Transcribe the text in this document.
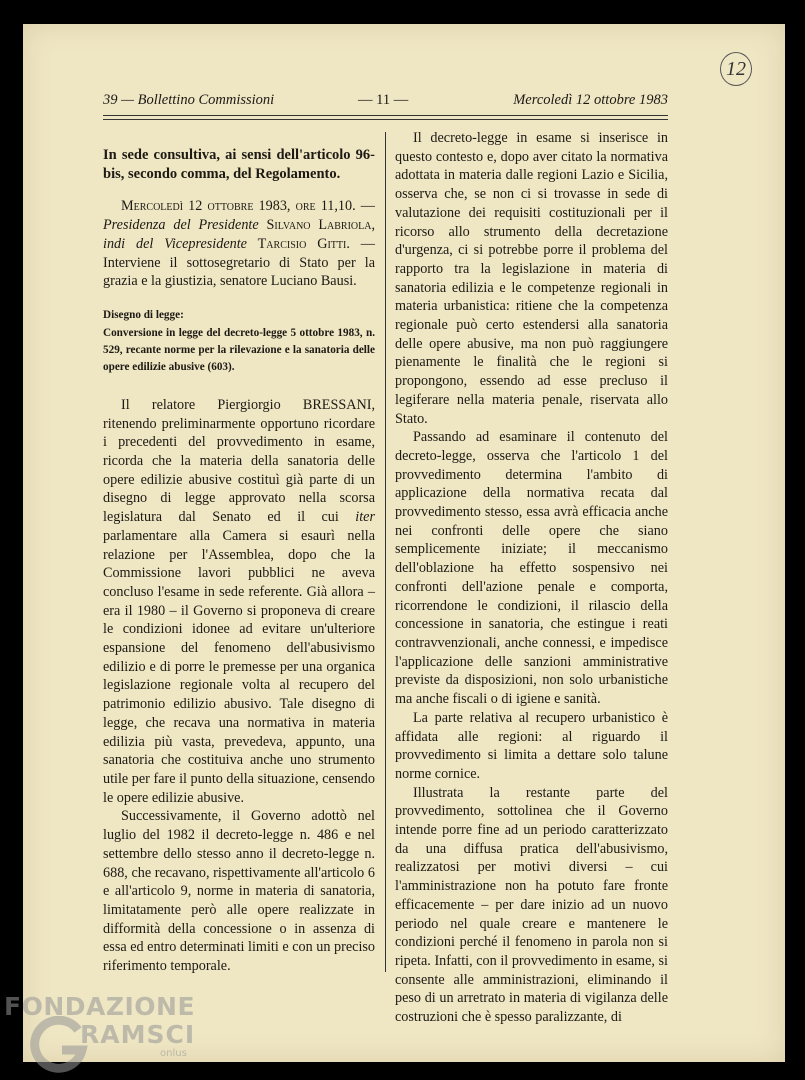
12
39 — Bollettino Commissioni	— 11 —	Mercoledì 12 ottobre 1983

In sede consultiva, ai sensi dell'articolo 96-bis, secondo comma, del Regolamento.

Mercoledì 12 ottobre 1983, ore 11,10. — Presidenza del Presidente Silvano Labriola, indi del Vicepresidente Tarcisio Gitti. — Interviene il sottosegretario di Stato per la grazia e la giustizia, senatore Luciano Bausi.

Disegno di legge:

Conversione in legge del decreto-legge 5 ottobre 1983, n. 529, recante norme per la rilevazione e la sanatoria delle opere edilizie abusive (603).

Il relatore Piergiorgio BRESSANI, ritenendo preliminarmente opportuno ricordare i precedenti del provvedimento in esame, ricorda che la materia della sanatoria delle opere edilizie abusive costituì già parte di un disegno di legge approvato nella scorsa legislatura dal Senato ed il cui iter parlamentare alla Camera si esaurì nella relazione per l'Assemblea, dopo che la Commissione lavori pubblici ne aveva concluso l'esame in sede referente. Già allora – era il 1980 – il Governo si proponeva di creare le condizioni idonee ad evitare un'ulteriore espansione del fenomeno dell'abusivismo edilizio e di porre le premesse per una organica legislazione regionale volta al recupero del patrimonio edilizio abusivo. Tale disegno di legge, che recava una normativa in materia edilizia più vasta, prevedeva, appunto, una sanatoria che costituiva anche uno strumento utile per fare il punto della situazione, censendo le opere edilizie abusive.

Successivamente, il Governo adottò nel luglio del 1982 il decreto-legge n. 486 e nel settembre dello stesso anno il decreto-legge n. 688, che recavano, rispettivamente all'articolo 6 e all'articolo 9, norme in materia di sanatoria, limitatamente però alle opere realizzate in difformità della concessione o in assenza di essa ed entro determinati limiti e con un preciso riferimento temporale.

Il decreto-legge in esame si inserisce in questo contesto e, dopo aver citato la normativa adottata in materia dalle regioni Lazio e Sicilia, osserva che, se non ci si trovasse in sede di valutazione dei requisiti costituzionali per il ricorso allo strumento della decretazione d'urgenza, ci si potrebbe porre il problema del rapporto tra la legislazione in materia di sanatoria edilizia e le competenze regionali in materia urbanistica: ritiene che la competenza regionale può certo estendersi alla sanatoria delle opere abusive, ma non può raggiungere pienamente le finalità che le regioni si propongono, essendo ad esse precluso il legiferare nella materia penale, riservata allo Stato.

Passando ad esaminare il contenuto del decreto-legge, osserva che l'articolo 1 del provvedimento determina l'ambito di applicazione della normativa recata dal provvedimento stesso, essa avrà efficacia anche nei confronti delle opere che siano semplicemente iniziate; il meccanismo dell'oblazione ha effetto sospensivo nei confronti dell'azione penale e comporta, ricorrendone le condizioni, il rilascio della concessione in sanatoria, che estingue i reati contravvenzionali, anche connessi, e impedisce l'applicazione delle sanzioni amministrative previste da disposizioni, non solo urbanistiche ma anche fiscali o di igiene e sanità.

La parte relativa al recupero urbanistico è affidata alle regioni: al riguardo il provvedimento si limita a dettare solo talune norme cornice.

Illustrata la restante parte del provvedimento, sottolinea che il Governo intende porre fine ad un periodo caratterizzato da una diffusa pratica dell'abusivismo, realizzatosi per motivi diversi – cui l'amministrazione non ha potuto fare fronte efficacemente – per dare inizio ad un nuovo periodo nel quale creare e mantenere le condizioni perché il fenomeno in parola non si ripeta. Infatti, con il provvedimento in esame, si consente alle amministrazioni, eliminando il peso di un arretrato in materia di vigilanza delle costruzioni che è spesso paralizzante, di

FONDAZIONE
RAMSCI
onlus
